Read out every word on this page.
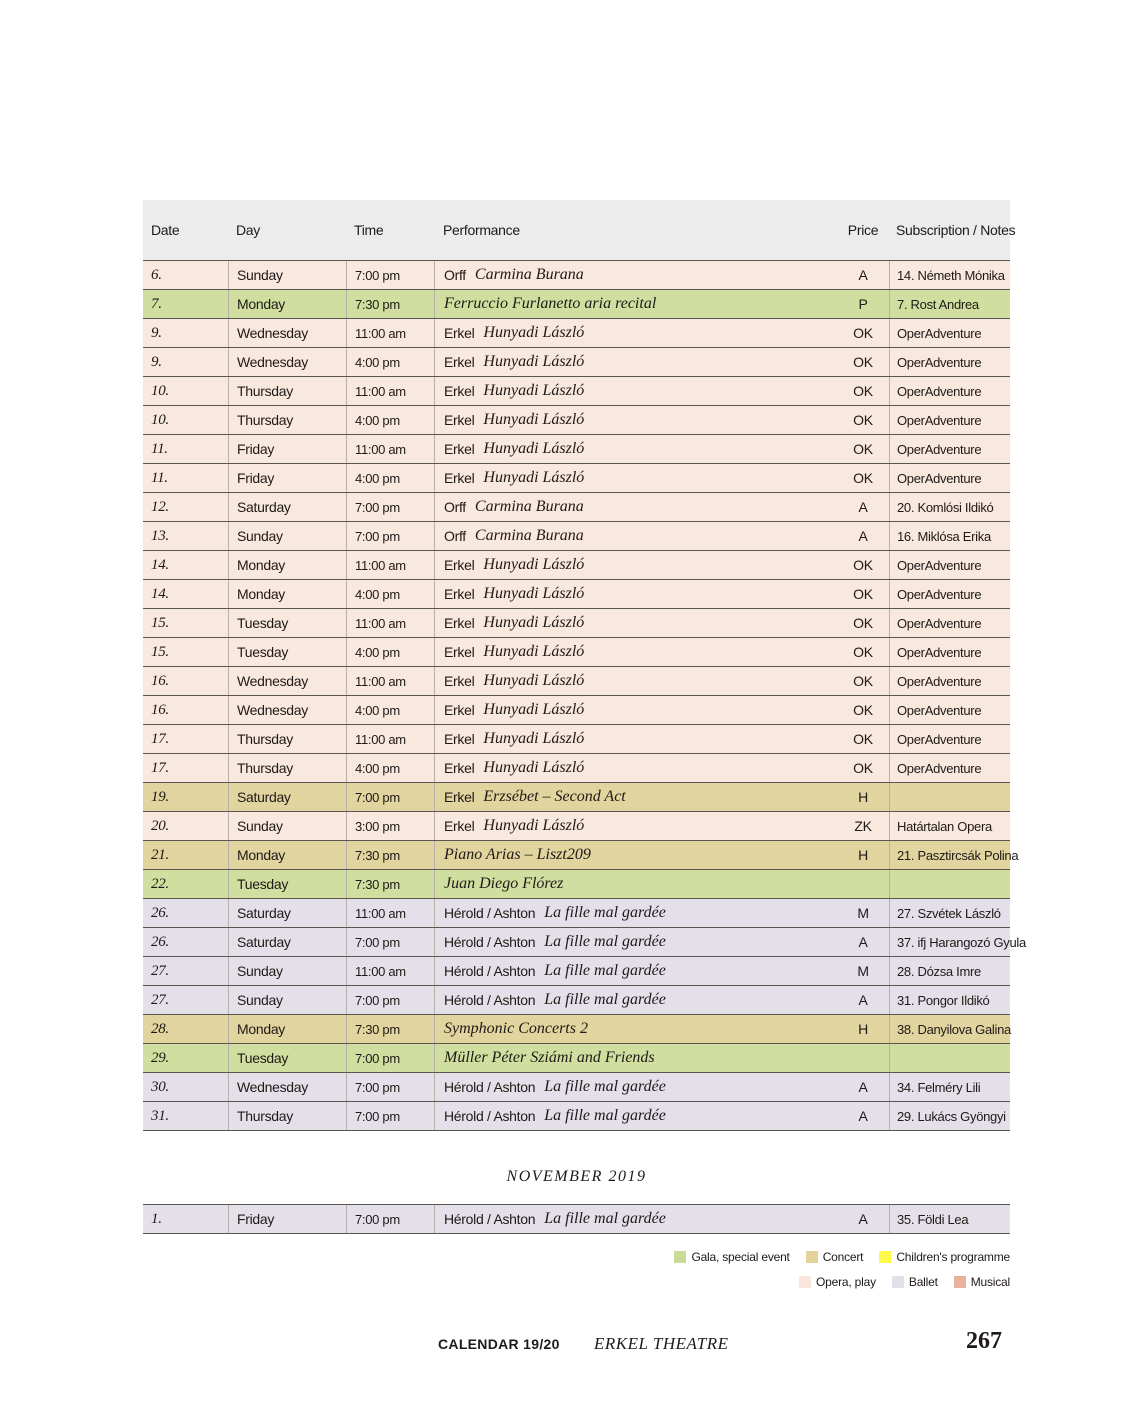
Date	Day	Time	Performance	Price	Subscription / Notes
6.	Sunday	7:00 pm	Orff Carmina Burana	A	14. Németh Mónika
7.	Monday	7:30 pm	Ferruccio Furlanetto aria recital	P	7. Rost Andrea
9.	Wednesday	11:00 am	Erkel Hunyadi László	OK	OperAdventure
9.	Wednesday	4:00 pm	Erkel Hunyadi László	OK	OperAdventure
10.	Thursday	11:00 am	Erkel Hunyadi László	OK	OperAdventure
10.	Thursday	4:00 pm	Erkel Hunyadi László	OK	OperAdventure
11.	Friday	11:00 am	Erkel Hunyadi László	OK	OperAdventure
11.	Friday	4:00 pm	Erkel Hunyadi László	OK	OperAdventure
12.	Saturday	7:00 pm	Orff Carmina Burana	A	20. Komlósi Ildikó
13.	Sunday	7:00 pm	Orff Carmina Burana	A	16. Miklósa Erika
14.	Monday	11:00 am	Erkel Hunyadi László	OK	OperAdventure
14.	Monday	4:00 pm	Erkel Hunyadi László	OK	OperAdventure
15.	Tuesday	11:00 am	Erkel Hunyadi László	OK	OperAdventure
15.	Tuesday	4:00 pm	Erkel Hunyadi László	OK	OperAdventure
16.	Wednesday	11:00 am	Erkel Hunyadi László	OK	OperAdventure
16.	Wednesday	4:00 pm	Erkel Hunyadi László	OK	OperAdventure
17.	Thursday	11:00 am	Erkel Hunyadi László	OK	OperAdventure
17.	Thursday	4:00 pm	Erkel Hunyadi László	OK	OperAdventure
19.	Saturday	7:00 pm	Erkel Erzsébet – Second Act	H
20.	Sunday	3:00 pm	Erkel Hunyadi László	ZK	Határtalan Opera
21.	Monday	7:30 pm	Piano Arias – Liszt209	H	21. Pasztircsák Polina
22.	Tuesday	7:30 pm	Juan Diego Flórez
26.	Saturday	11:00 am	Hérold / Ashton La fille mal gardée	M	27. Szvétek László
26.	Saturday	7:00 pm	Hérold / Ashton La fille mal gardée	A	37. ifj Harangozó Gyula
27.	Sunday	11:00 am	Hérold / Ashton La fille mal gardée	M	28. Dózsa Imre
27.	Sunday	7:00 pm	Hérold / Ashton La fille mal gardée	A	31. Pongor Ildikó
28.	Monday	7:30 pm	Symphonic Concerts 2	H	38. Danyilova Galina
29.	Tuesday	7:00 pm	Müller Péter Sziámi and Friends
30.	Wednesday	7:00 pm	Hérold / Ashton La fille mal gardée	A	34. Felméry Lili
31.	Thursday	7:00 pm	Hérold / Ashton La fille mal gardée	A	29. Lukács Gyöngyi
NOVEMBER 2019
1.	Friday	7:00 pm	Hérold / Ashton La fille mal gardée	A	35. Földi Lea
Gala, special event	Concert	Children's programme
Opera, play	Ballet	Musical
CALENDAR 19/20 ERKEL THEATRE	267
